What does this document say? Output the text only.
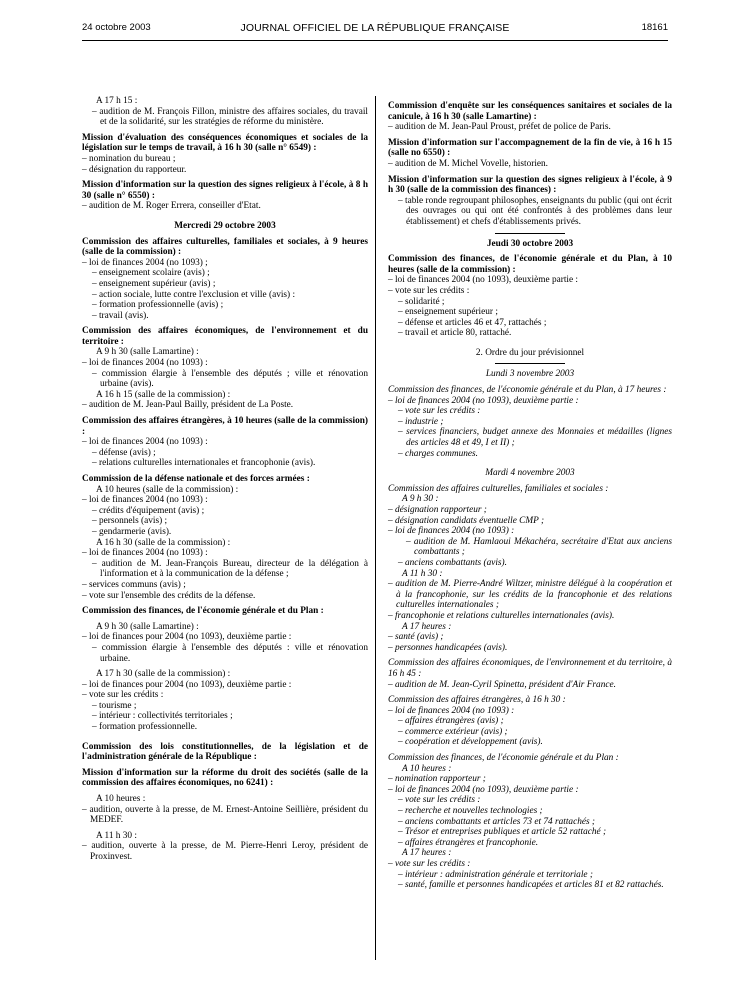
24 octobre 2003	JOURNAL OFFICIEL DE LA RÉPUBLIQUE FRANÇAISE	18161

A 17 h 15 :

– audition de M. François Fillon, ministre des affaires sociales, du travail et de la solidarité, sur les stratégies de réforme du ministère.

Mission d'évaluation des conséquences économiques et sociales de la législation sur le temps de travail, à 16 h 30 (salle n° 6549) :

– nomination du bureau ;

– désignation du rapporteur.

Mission d'information sur la question des signes religieux à l'école, à 8 h 30 (salle n° 6550) :

– audition de M. Roger Errera, conseiller d'Etat.

Mercredi 29 octobre 2003

Commission des affaires culturelles, familiales et sociales, à 9 heures (salle de la commission) :

– loi de finances 2004 (no 1093) ;

– enseignement scolaire (avis) ;

– enseignement supérieur (avis) ;

– action sociale, lutte contre l'exclusion et ville (avis) :

– formation professionnelle (avis) ;

– travail (avis).

Commission des affaires économiques, de l'environnement et du territoire :

A 9 h 30 (salle Lamartine) :

– loi de finances 2004 (no 1093) :

– commission élargie à l'ensemble des députés ; ville et rénovation urbaine (avis).

A 16 h 15 (salle de la commission) :

– audition de M. Jean-Paul Bailly, président de La Poste.

Commission des affaires étrangères, à 10 heures (salle de la commission) :

– loi de finances 2004 (no 1093) :

– défense (avis) ;

– relations culturelles internationales et francophonie (avis).

Commission de la défense nationale et des forces armées :

A 10 heures (salle de la commission) :

– loi de finances 2004 (no 1093) :

– crédits d'équipement (avis) ;

– personnels (avis) ;

– gendarmerie (avis).

A 16 h 30 (salle de la commission) :

– loi de finances 2004 (no 1093) :

– audition de M. Jean-François Bureau, directeur de la délégation à l'information et à la communication de la défense ;

– services communs (avis) ;

– vote sur l'ensemble des crédits de la défense.

Commission des finances, de l'économie générale et du Plan :

A 9 h 30 (salle Lamartine) :

– loi de finances pour 2004 (no 1093), deuxième partie :

– commission élargie à l'ensemble des députés : ville et rénovation urbaine.

A 17 h 30 (salle de la commission) :

– loi de finances pour 2004 (no 1093), deuxième partie :

– vote sur les crédits :

– tourisme ;

– intérieur : collectivités territoriales ;

– formation professionnelle.

Commission des lois constitutionnelles, de la législation et de l'administration générale de la République :

Mission d'information sur la réforme du droit des sociétés (salle de la commission des affaires économiques, no 6241) :

A 10 heures :

– audition, ouverte à la presse, de M. Ernest-Antoine Seillière, président du MEDEF.

A 11 h 30 :

– audition, ouverte à la presse, de M. Pierre-Henri Leroy, président de Proxinvest.

Commission d'enquête sur les conséquences sanitaires et sociales de la canicule, à 16 h 30 (salle Lamartine) :

– audition de M. Jean-Paul Proust, préfet de police de Paris.

Mission d'information sur l'accompagnement de la fin de vie, à 16 h 15 (salle no 6550) :

– audition de M. Michel Vovelle, historien.

Mission d'information sur la question des signes religieux à l'école, à 9 h 30 (salle de la commission des finances) :

– table ronde regroupant philosophes, enseignants du public (qui ont écrit des ouvrages ou qui ont été confrontés à des problèmes dans leur établissement) et chefs d'établissements privés.

Jeudi 30 octobre 2003

Commission des finances, de l'économie générale et du Plan, à 10 heures (salle de la commission) :

– loi de finances 2004 (no 1093), deuxième partie :

– vote sur les crédits :

– solidarité ;

– enseignement supérieur ;

– défense et articles 46 et 47, rattachés ;

– travail et article 80, rattaché.

2. Ordre du jour prévisionnel

Lundi 3 novembre 2003

Commission des finances, de l'économie générale et du Plan, à 17 heures :

– loi de finances 2004 (no 1093), deuxième partie :

– vote sur les crédits :

– industrie ;

– services financiers, budget annexe des Monnaies et médailles (lignes des articles 48 et 49, I et II) ;

– charges communes.

Mardi 4 novembre 2003

Commission des affaires culturelles, familiales et sociales :

A 9 h 30 :

– désignation rapporteur ;

– désignation candidats éventuelle CMP ;

– loi de finances 2004 (no 1093) :

– audition de M. Hamlaoui Mékachéra, secrétaire d'Etat aux anciens combattants ;

– anciens combattants (avis).

A 11 h 30 :

– audition de M. Pierre-André Wiltzer, ministre délégué à la coopération et à la francophonie, sur les crédits de la francophonie et des relations culturelles internationales ;

– francophonie et relations culturelles internationales (avis).

A 17 heures :

– santé (avis) ;

– personnes handicapées (avis).

Commission des affaires économiques, de l'environnement et du territoire, à 16 h 45 :

– audition de M. Jean-Cyril Spinetta, président d'Air France.

Commission des affaires étrangères, à 16 h 30 :

– loi de finances 2004 (no 1093) :

– affaires étrangères (avis) ;

– commerce extérieur (avis) ;

– coopération et développement (avis).

Commission des finances, de l'économie générale et du Plan :

A 10 heures :

– nomination rapporteur ;

– loi de finances 2004 (no 1093), deuxième partie :

– vote sur les crédits :

– recherche et nouvelles technologies ;

– anciens combattants et articles 73 et 74 rattachés ;

– Trésor et entreprises publiques et article 52 rattaché ;

– affaires étrangères et francophonie.

A 17 heures :

– vote sur les crédits :

– intérieur : administration générale et territoriale ;

– santé, famille et personnes handicapées et articles 81 et 82 rattachés.
